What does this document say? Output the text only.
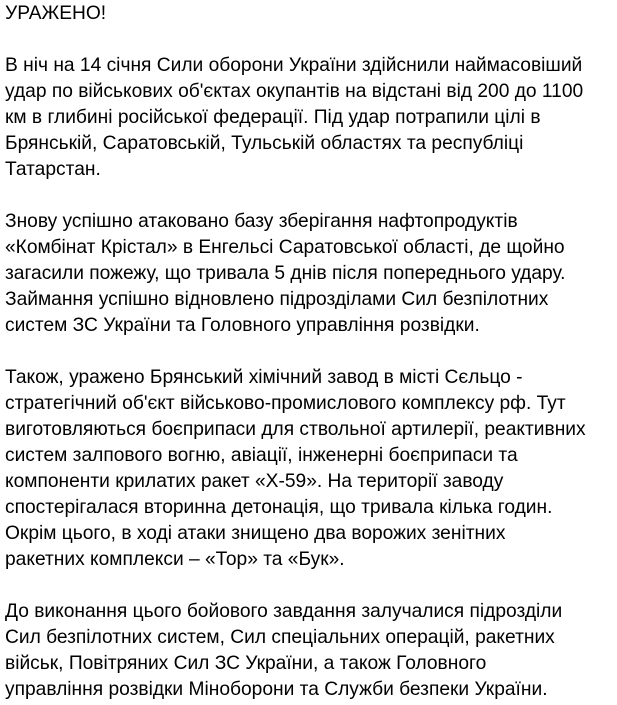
УРАЖЕНО!

В ніч на 14 січня Сили оборони України здійснили наймасовіший
удар по військових об'єктах окупантів на відстані від 200 до 1100
км в глибині російської федерації. Під удар потрапили цілі в
Брянській, Саратовській, Тульській областях та республіці
Татарстан.

Знову успішно атаковано базу зберігання нафтопродуктів
«Комбінат Крістал» в Енгельсі Саратовської області, де щойно
загасили пожежу, що тривала 5 днів після попереднього удару.
Займання успішно відновлено підрозділами Сил безпілотних
систем ЗС України та Головного управління розвідки.

Також, уражено Брянський хімічний завод в місті Сєльцо -
стратегічний об'єкт військово-промислового комплексу рф. Тут
виготовляються боєприпаси для ствольної артилерії, реактивних
систем залпового вогню, авіації, інженерні боєприпаси та
компоненти крилатих ракет «Х-59». На території заводу
спостерігалася вторинна детонація, що тривала кілька годин.
Окрім цього, в ході атаки знищено два ворожих зенітних
ракетних комплекси – «Тор» та «Бук».

До виконання цього бойового завдання залучалися підрозділи
Сил безпілотних систем, Сил спеціальних операцій, ракетних
військ, Повітряних Сил ЗС України, а також Головного
управління розвідки Міноборони та Служби безпеки України.
